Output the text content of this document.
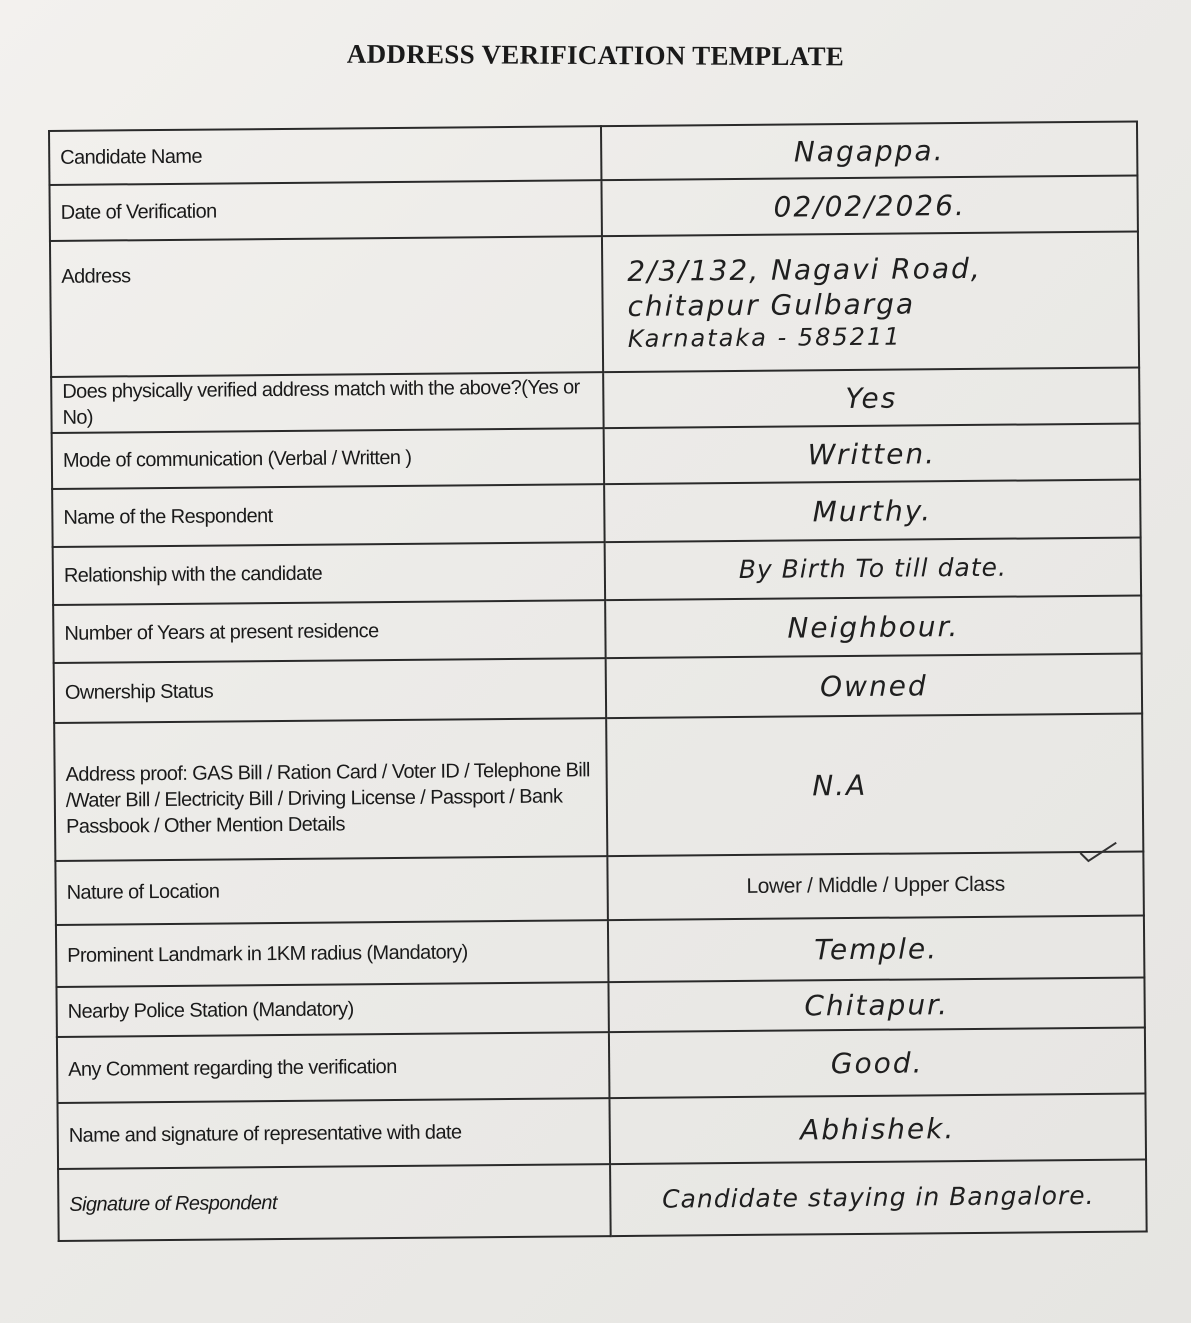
ADDRESS VERIFICATION TEMPLATE
Candidate Name	Nagappa.
Date of Verification	02/02/2026.
Address	2/3/132, Nagavi Road,
chitapur Gulbarga
Karnataka - 585211

Does physically verified address match with the above?(Yes or No)	Yes
Mode of communication (Verbal / Written )	Written.
Name of the Respondent	Murthy.
Relationship with the candidate	By Birth To till date.
Number of Years at present residence	Neighbour.
Ownership Status	Owned
Address proof: GAS Bill / Ration Card / Voter ID / Telephone Bill /Water Bill / Electricity Bill / Driving License / Passport / Bank Passbook / Other Mention Details	N.A
Nature of Location	Lower / Middle / Upper Class
Prominent Landmark in 1KM radius (Mandatory)	Temple.
Nearby Police Station (Mandatory)	Chitapur.
Any Comment regarding the verification	Good.
Name and signature of representative with date	Abhishek.
Signature of Respondent	Candidate staying in Bangalore.
